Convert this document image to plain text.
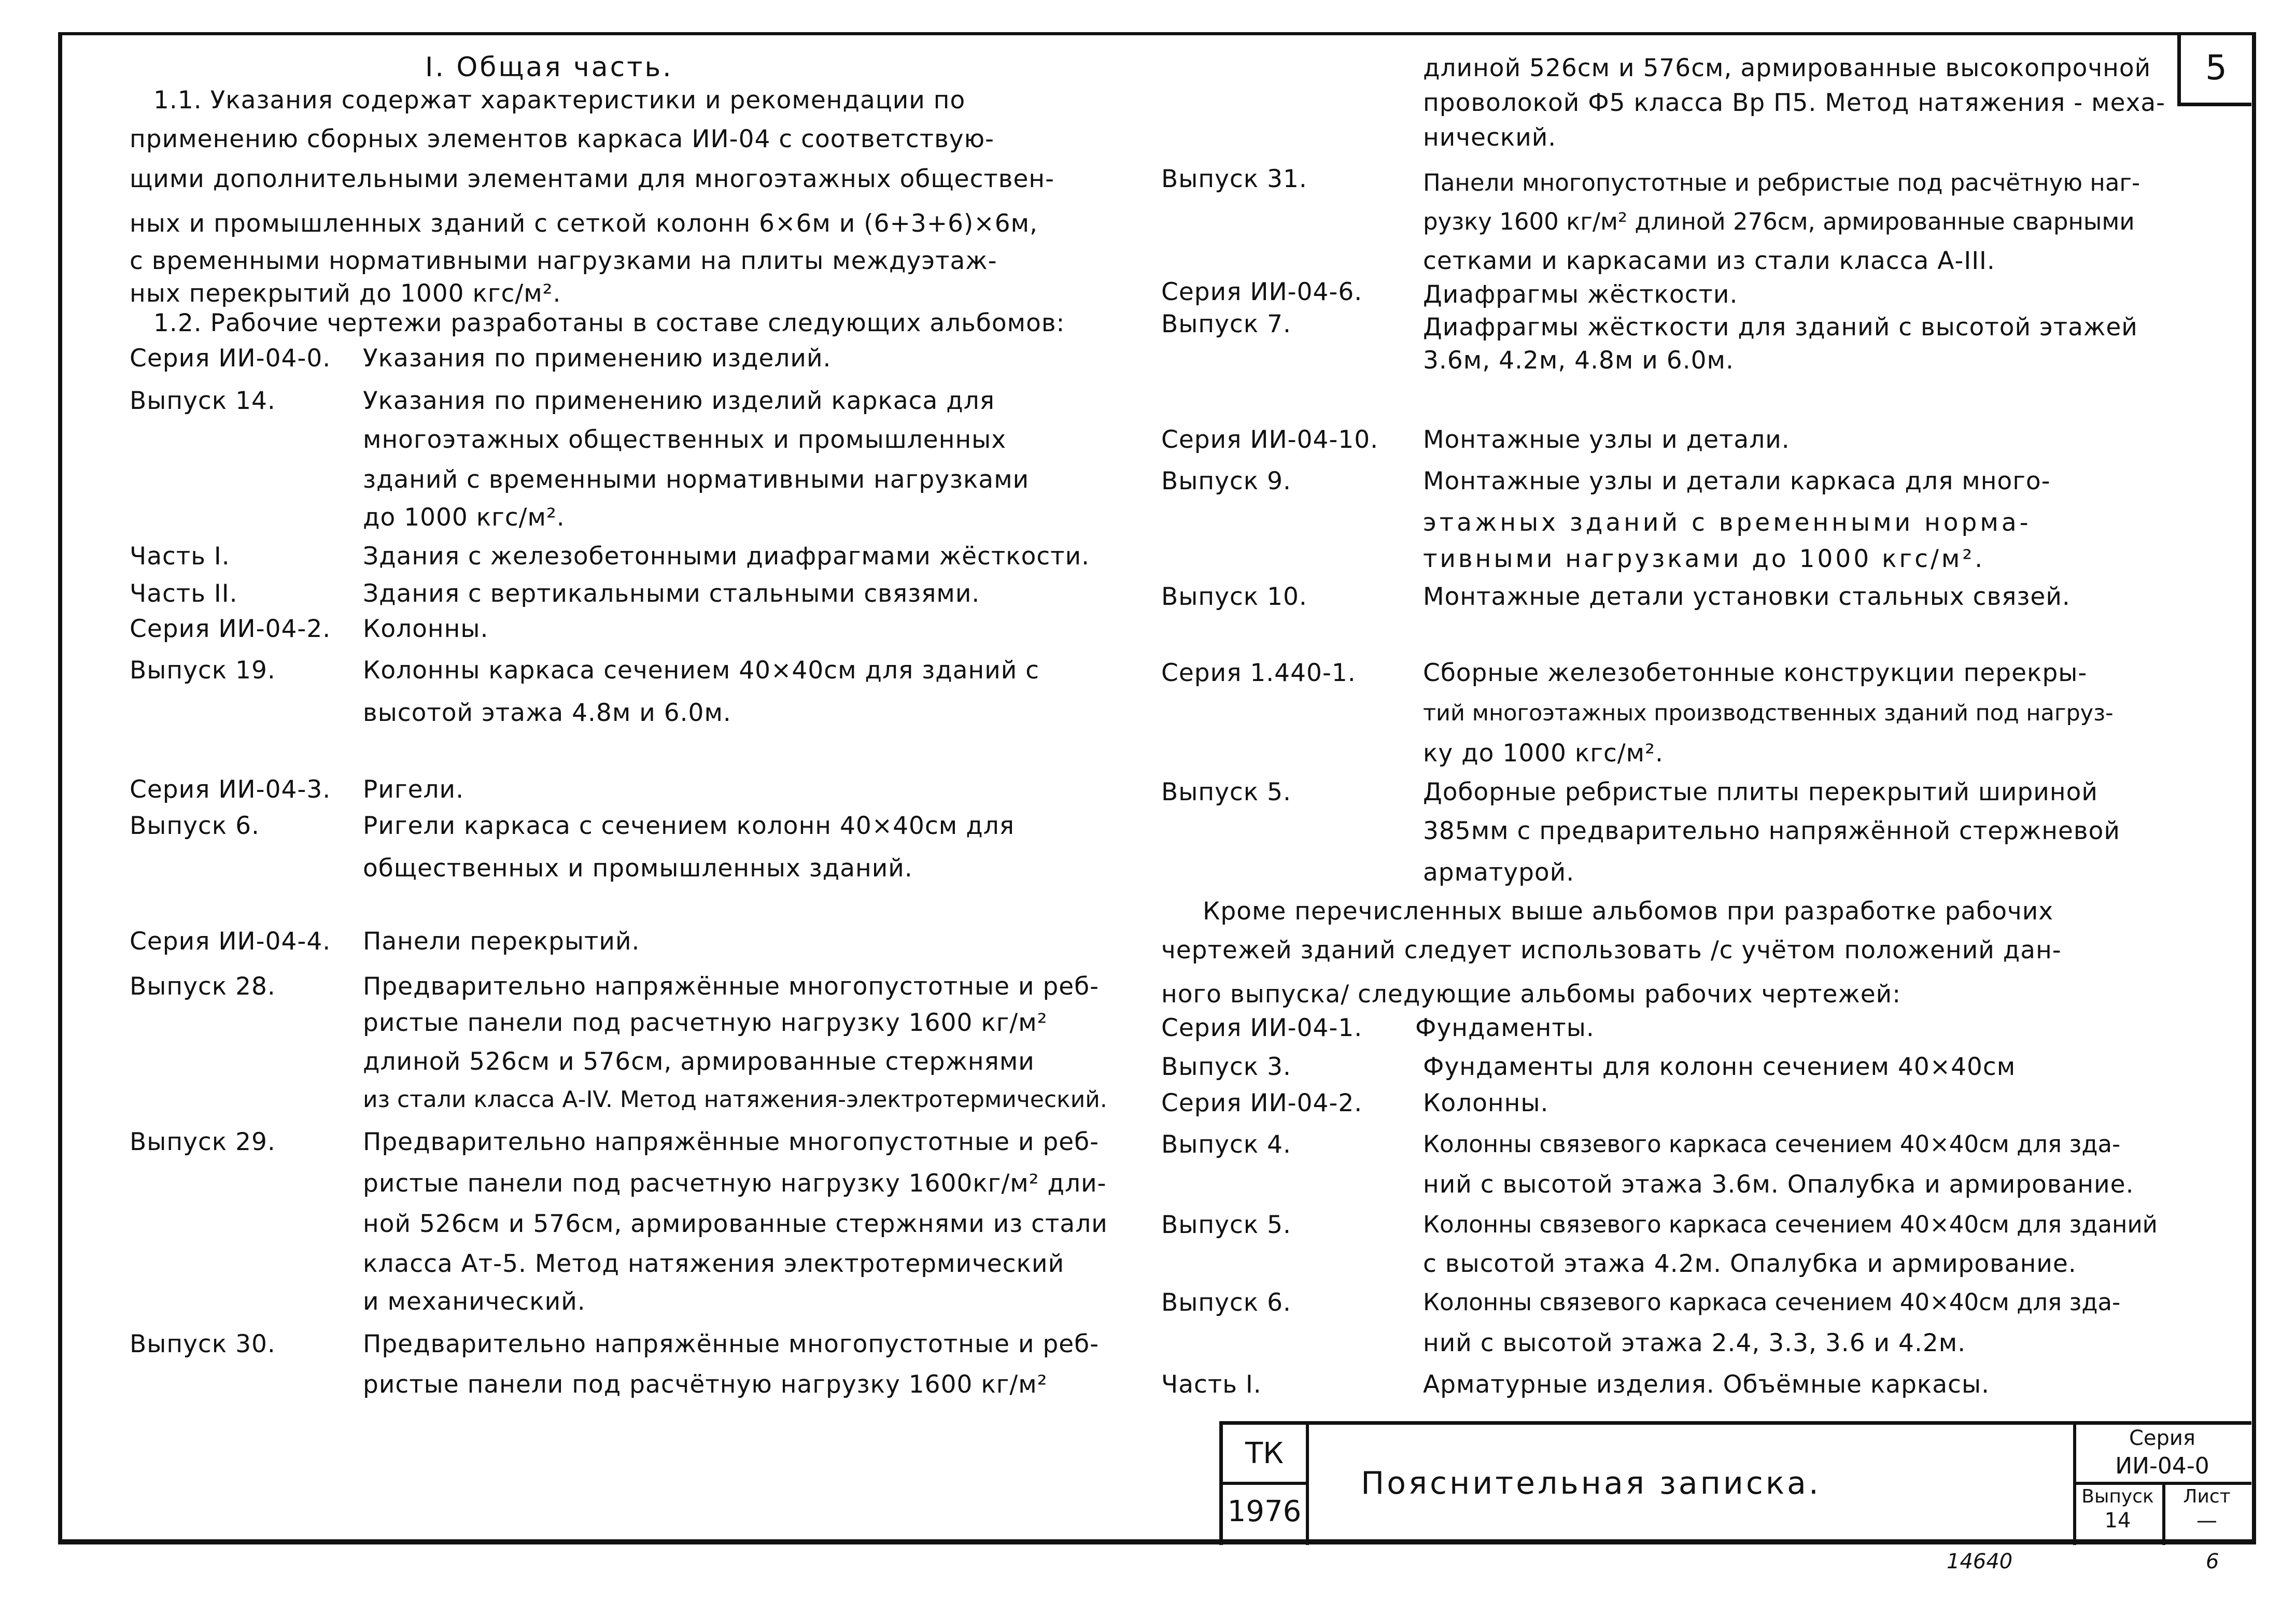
5
I. Общая часть.
1.1. Указания содержат характеристики и рекомендации по
применению сборных элементов каркаса ИИ-04 с соответствую-
щими дополнительными элементами для многоэтажных обществен-
ных и промышленных зданий с сеткой колонн 6×6м и (6+3+6)×6м,
с временными нормативными нагрузками на плиты междуэтаж-
ных перекрытий до 1000 кгс/м².
1.2. Рабочие чертежи разработаны в составе следующих альбомов:
Серия ИИ-04-0. Указания по применению изделий.
Выпуск 14.	Указания по применению изделий каркаса для
многоэтажных общественных и промышленных
зданий с временными нормативными нагрузками
до 1000 кгс/м².
Часть I.	Здания с железобетонными диафрагмами жёсткости.
Часть II.	Здания с вертикальными стальными связями.
Серия ИИ-04-2. Колонны.
Выпуск 19.	Колонны каркаса сечением 40×40см для зданий с
высотой этажа 4.8м и 6.0м.
Серия ИИ-04-3. Ригели.
Выпуск 6.	Ригели каркаса с сечением колонн 40×40см для
общественных и промышленных зданий.
Серия ИИ-04-4. Панели перекрытий.
Выпуск 28.	Предварительно напряжённые многопустотные и реб-
ристые панели под расчетную нагрузку 1600 кг/м²
длиной 526см и 576см, армированные стержнями
из стали класса А-IV. Метод натяжения-электротермический.
Выпуск 29.	Предварительно напряжённые многопустотные и реб-
ристые панели под расчетную нагрузку 1600кг/м² дли-
ной 526см и 576см, армированные стержнями из стали
класса Ат-5. Метод натяжения электротермический
и механический.
Выпуск 30.	Предварительно напряжённые многопустотные и реб-
ристые панели под расчётную нагрузку 1600 кг/м²
длиной 526см и 576см, армированные высокопрочной
проволокой Ф5 класса Вр П5. Метод натяжения - меха-
нический.
Выпуск 31.	Панели многопустотные и ребристые под расчётную наг-
рузку 1600 кг/м² длиной 276см, армированные сварными
сетками и каркасами из стали класса А-III.
Серия ИИ-04-6. Диафрагмы жёсткости.
Выпуск 7.	Диафрагмы жёсткости для зданий с высотой этажей
3.6м, 4.2м, 4.8м и 6.0м.
Серия ИИ-04-10. Монтажные узлы и детали.
Выпуск 9.	Монтажные узлы и детали каркаса для много-
этажных зданий с временными норма-
тивными нагрузками до 1000 кгс/м².
Выпуск 10.	Монтажные детали установки стальных связей.
Серия 1.440-1.	Сборные железобетонные конструкции перекры-
тий многоэтажных производственных зданий под нагруз-
ку до 1000 кгс/м².
Выпуск 5.	Доборные ребристые плиты перекрытий шириной
385мм с предварительно напряжённой стержневой
арматурой.
Кроме перечисленных выше альбомов при разработке рабочих
чертежей зданий следует использовать /с учётом положений дан-
ного выпуска/ следующие альбомы рабочих чертежей:
Серия ИИ-04-1. Фундаменты.
Выпуск 3.	Фундаменты для колонн сечением 40×40см
Серия ИИ-04-2. Колонны.
Выпуск 4.	Колонны связевого каркаса сечением 40×40см для зда-
ний с высотой этажа 3.6м. Опалубка и армирование.
Выпуск 5.	Колонны связевого каркаса сечением 40×40см для зданий
с высотой этажа 4.2м. Опалубка и армирование.
Выпуск 6.	Колонны связевого каркаса сечением 40×40см для зда-
ний с высотой этажа 2.4, 3.3, 3.6 и 4.2м.
Часть I.	Арматурные изделия. Объёмные каркасы.
ТК
1976
Пояснительная записка.
Серия
ИИ-04-0
Выпуск
14
Лист
—
14640	6
